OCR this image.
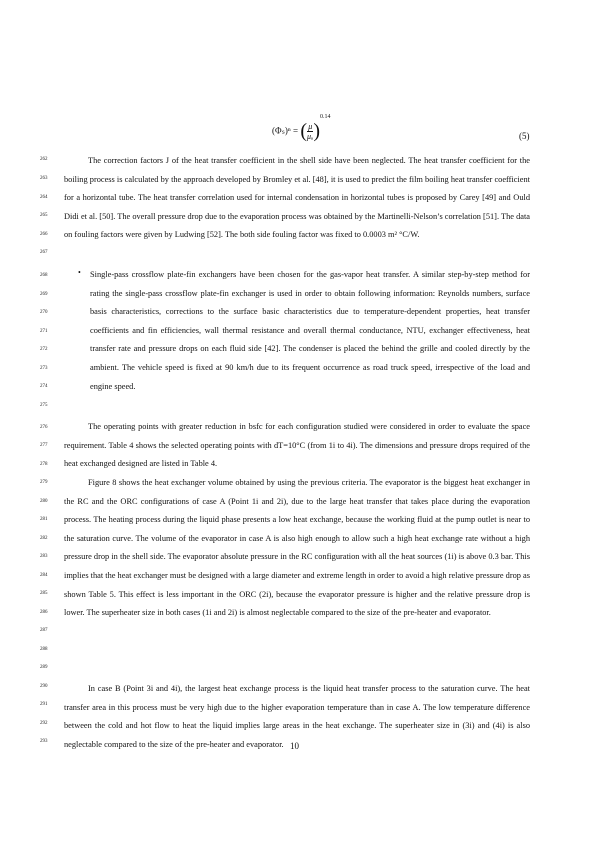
(Φₛ)ⁿ = ( $\frac{\mu}{\text{μᵤ}} )^{0.14}$
(5)
262
263
264
265
266
267
268
269
270
271
272
273
274
275
276
277
278
279
280
281
282
283
284
285
286
287
288
289
290
291
292
293

The correction factors J of the heat transfer coefficient in the shell side have been neglected. The heat transfer coefficient for the boiling process is calculated by the approach developed by Bromley et al. [48], it is used to predict the film boiling heat transfer coefficient for a horizontal tube. The heat transfer correlation used for internal condensation in horizontal tubes is proposed by Carey [49] and Ould Didi et al. [50]. The overall pressure drop due to the evaporation process was obtained by the Martinelli-Nelson’s correlation [51]. The data on fouling factors were given by Ludwing [52]. The both side fouling factor was fixed to 0.0003 m² °C/W.

• Single-pass crossflow plate-fin exchangers have been chosen for the gas-vapor heat transfer. A similar step-by-step method for rating the single-pass crossflow plate-fin exchanger is used in order to obtain following information: Reynolds numbers, surface basis characteristics, corrections to the surface basic characteristics due to temperature-dependent properties, heat transfer coefficients and fin efficiencies, wall thermal resistance and overall thermal conductance, NTU, exchanger effectiveness, heat transfer rate and pressure drops on each fluid side [42]. The condenser is placed the behind the grille and cooled directly by the ambient. The vehicle speed is fixed at 90 km/h due to its frequent occurrence as road truck speed, irrespective of the load and engine speed.

The operating points with greater reduction in bsfc for each configuration studied were considered in order to evaluate the space requirement. Table 4 shows the selected operating points with dT=10°C (from 1i to 4i). The dimensions and pressure drops required of the heat exchanged designed are listed in Table 4.

Figure 8 shows the heat exchanger volume obtained by using the previous criteria. The evaporator is the biggest heat exchanger in the RC and the ORC configurations of case A (Point 1i and 2i), due to the large heat transfer that takes place during the evaporation process. The heating process during the liquid phase presents a low heat exchange, because the working fluid at the pump outlet is near to the saturation curve. The volume of the evaporator in case A is also high enough to allow such a high heat exchange rate without a high pressure drop in the shell side. The evaporator absolute pressure in the RC configuration with all the heat sources (1i) is above 0.3 bar. This implies that the heat exchanger must be designed with a large diameter and extreme length in order to avoid a high relative pressure drop as shown Table 5. This effect is less important in the ORC (2i), because the evaporator pressure is higher and the relative pressure drop is lower. The superheater size in both cases (1i and 2i) is almost neglectable compared to the size of the pre-heater and evaporator.

In case B (Point 3i and 4i), the largest heat exchange process is the liquid heat transfer process to the saturation curve. The heat transfer area in this process must be very high due to the higher evaporation temperature than in case A. The low temperature difference between the cold and hot flow to heat the liquid implies large areas in the heat exchange. The superheater size in (3i) and (4i) is also neglectable compared to the size of the pre-heater and evaporator. 10
